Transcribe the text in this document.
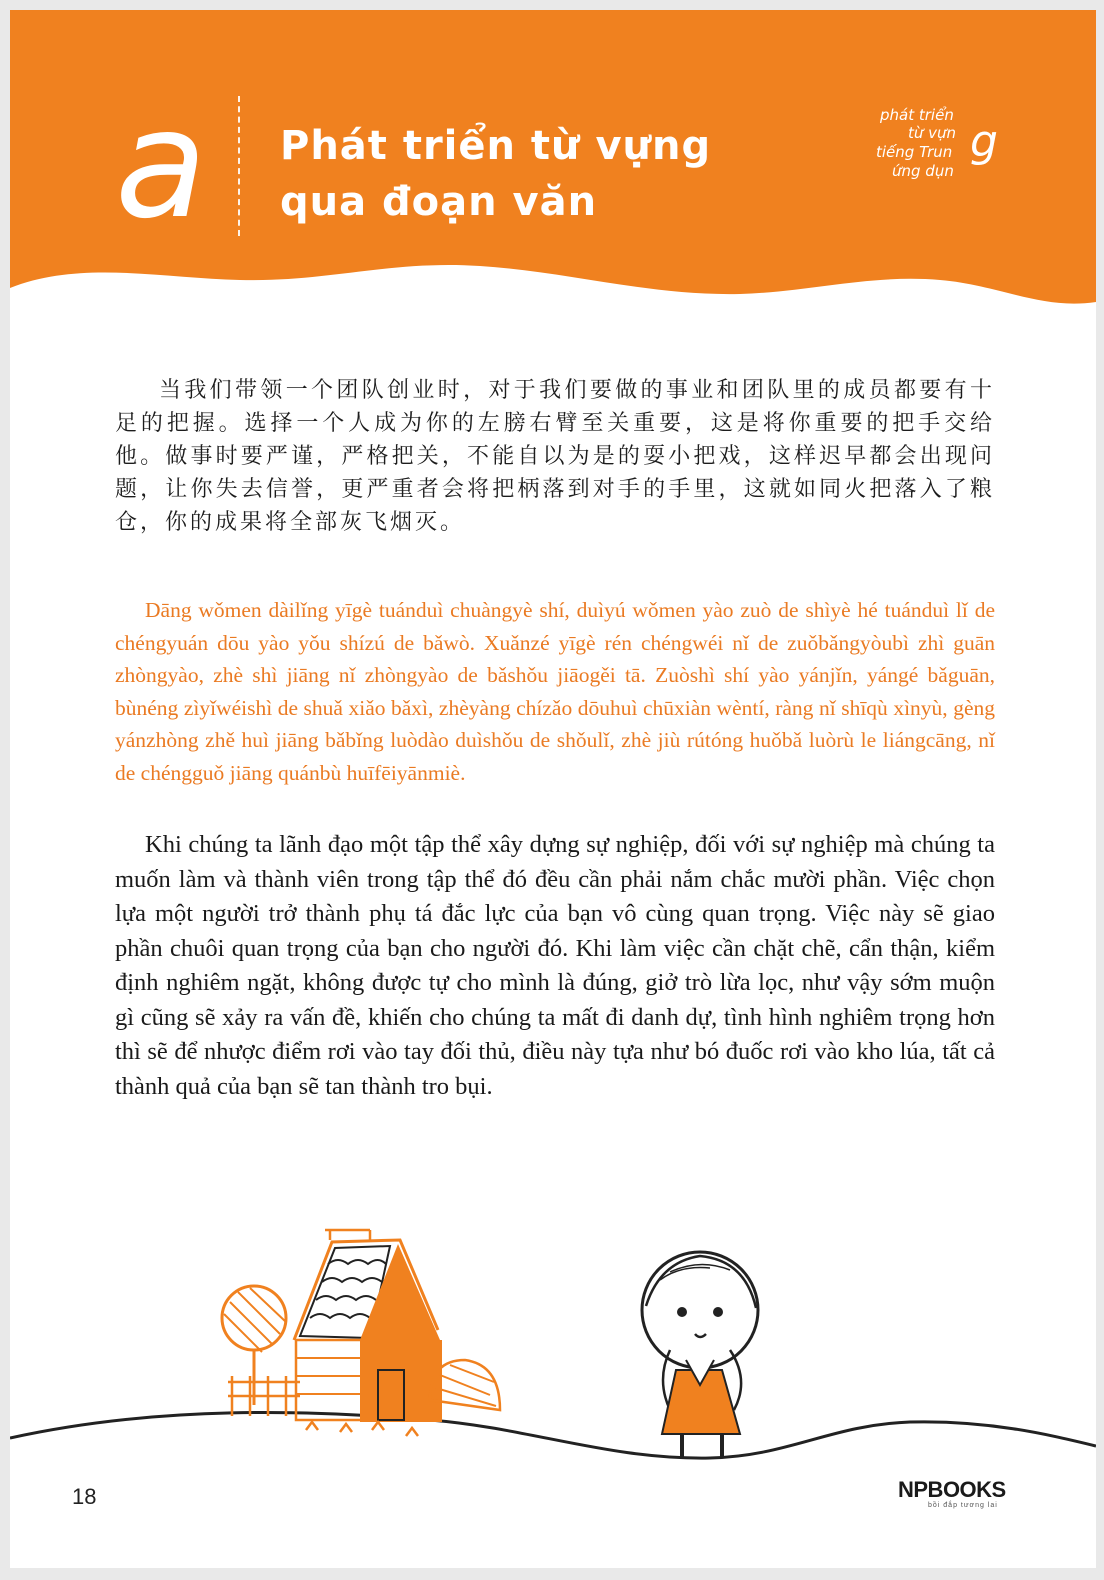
a Phát triển từ vựng
qua đoạn văn
phát triển
từ vựn
tiếng Trun
ứng dụn
g
当我们带领一个团队创业时，对于我们要做的事业和团队里的成员都要有十足的把握。选择一个人成为你的左膀右臂至关重要，这是将你重要的把手交给他。做事时要严谨，严格把关，不能自以为是的耍小把戏，这样迟早都会出现问题，让你失去信誉，更严重者会将把柄落到对手的手里，这就如同火把落入了粮仓，你的成果将全部灰飞烟灭。
Dāng wǒmen dàilǐng yīgè tuánduì chuàngyè shí, duìyú wǒmen yào zuò de shìyè hé tuánduì lǐ de chéngyuán dōu yào yǒu shízú de bǎwò. Xuǎnzé yīgè rén chéngwéi nǐ de zuǒbǎngyòubì zhì guān zhòngyào, zhè shì jiāng nǐ zhòngyào de bǎshǒu jiāogěi tā. Zuòshì shí yào yánjǐn, yángé bǎguān, bùnéng zìyǐwéishì de shuǎ xiǎo bǎxì, zhèyàng chízǎo dōuhuì chūxiàn wèntí, ràng nǐ shīqù xìnyù, gèng yánzhòng zhě huì jiāng bǎbǐng luòdào duìshǒu de shǒulǐ, zhè jiù rútóng huǒbǎ luòrù le liángcāng, nǐ de chéngguǒ jiāng quánbù huīfēiyānmiè.
Khi chúng ta lãnh đạo một tập thể xây dựng sự nghiệp, đối với sự nghiệp mà chúng ta muốn làm và thành viên trong tập thể đó đều cần phải nắm chắc mười phần. Việc chọn lựa một người trở thành phụ tá đắc lực của bạn vô cùng quan trọng. Việc này sẽ giao phần chuôi quan trọng của bạn cho người đó. Khi làm việc cần chặt chẽ, cẩn thận, kiểm định nghiêm ngặt, không được tự cho mình là đúng, giở trò lừa lọc, như vậy sớm muộn gì cũng sẽ xảy ra vấn đề, khiến cho chúng ta mất đi danh dự, tình hình nghiêm trọng hơn thì sẽ để nhược điểm rơi vào tay đối thủ, điều này tựa như bó đuốc rơi vào kho lúa, tất cả thành quả của bạn sẽ tan thành tro bụi.
18	NPBOOKS
bồi đắp tương lai
